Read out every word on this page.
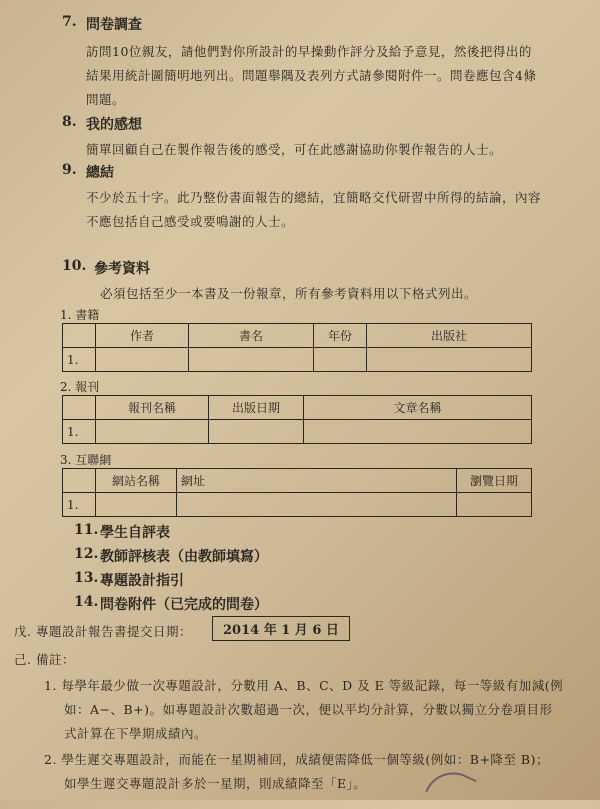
7. 問卷調查
訪問10位親友，請他們對你所設計的早操動作評分及給予意見，然後把得出的
結果用統計圖簡明地列出。問題舉隅及表列方式請參閱附件一。問卷應包含4條
問題。
8. 我的感想
簡單回顧自己在製作報告後的感受，可在此感謝協助你製作報告的人士。
9. 總結
不少於五十字。此乃整份書面報告的總結，宜簡略交代研習中所得的結論，內容
不應包括自己感受或要鳴謝的人士。
10. 參考資料
必須包括至少一本書及一份報章，所有參考資料用以下格式列出。
1. 書籍
	作者	書名	年份	出版社
1.				
2. 報刊
	報刊名稱	出版日期	文章名稱
1.			
3. 互聯網
	網站名稱	網址	瀏覽日期
1.			
11. 學生自評表
12. 教師評核表（由教師填寫）
13. 專題設計指引
14. 問卷附件（已完成的問卷）
戊. 專題設計報告書提交日期：	2014 年 1 月 6 日
己. 備註：
1. 每學年最少做一次專題設計，分數用 A、B、C、D 及 E 等級記錄，每一等級有加減(例
如：A−、B+)。如專題設計次數超過一次，便以平均分計算，分數以獨立分卷項目形
式計算在下學期成績內。
2. 學生遲交專題設計，而能在一星期補回，成績便需降低一個等級(例如：B+降至 B)；
如學生遲交專題設計多於一星期，則成績降至「E」。
